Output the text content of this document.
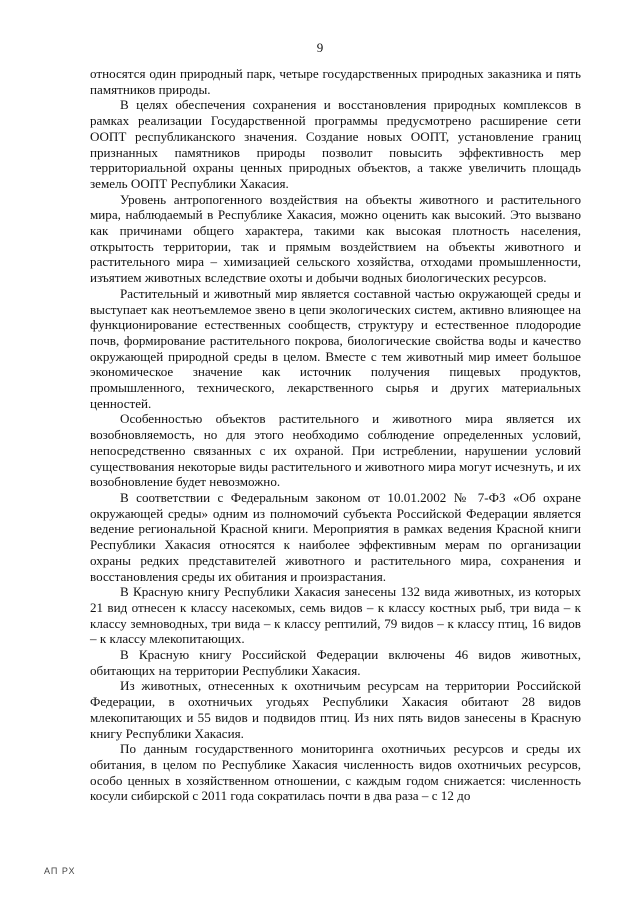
9

относятся один природный парк, четыре государственных природных заказника и пять памятников природы.

В целях обеспечения сохранения и восстановления природных комплексов в рамках реализации Государственной программы предусмотрено расширение сети ООПТ республиканского значения. Создание новых ООПТ, установление границ признанных памятников природы позволит повысить эффективность мер территориальной охраны ценных природных объектов, а также увеличить площадь земель ООПТ Республики Хакасия.

Уровень антропогенного воздействия на объекты животного и растительного мира, наблюдаемый в Республике Хакасия, можно оценить как высокий. Это вызвано как причинами общего характера, такими как высокая плотность населения, открытость территории, так и прямым воздействием на объекты животного и растительного мира – химизацией сельского хозяйства, отходами промышленности, изъятием животных вследствие охоты и добычи водных биологических ресурсов.

Растительный и животный мир является составной частью окружающей среды и выступает как неотъемлемое звено в цепи экологических систем, активно влияющее на функционирование естественных сообществ, структуру и естественное плодородие почв, формирование растительного покрова, биологические свойства воды и качество окружающей природной среды в целом. Вместе с тем животный мир имеет большое экономическое значение как источник получения пищевых продуктов, промышленного, технического, лекарственного сырья и других материальных ценностей.

Особенностью объектов растительного и животного мира является их возобновляемость, но для этого необходимо соблюдение определенных условий, непосредственно связанных с их охраной. При истреблении, нарушении условий существования некоторые виды растительного и животного мира могут исчезнуть, и их возобновление будет невозможно.

В соответствии с Федеральным законом от 10.01.2002 № 7-ФЗ «Об охране окружающей среды» одним из полномочий субъекта Российской Федерации является ведение региональной Красной книги. Мероприятия в рамках ведения Красной книги Республики Хакасия относятся к наиболее эффективным мерам по организации охраны редких представителей животного и растительного мира, сохранения и восстановления среды их обитания и произрастания.

В Красную книгу Республики Хакасия занесены 132 вида животных, из которых 21 вид отнесен к классу насекомых, семь видов – к классу костных рыб, три вида – к классу земноводных, три вида – к классу рептилий, 79 видов – к классу птиц, 16 видов – к классу млекопитающих.

В Красную книгу Российской Федерации включены 46 видов животных, обитающих на территории Республики Хакасия.

Из животных, отнесенных к охотничьим ресурсам на территории Российской Федерации, в охотничьих угодьях Республики Хакасия обитают 28 видов млекопитающих и 55 видов и подвидов птиц. Из них пять видов занесены в Красную книгу Республики Хакасия.

По данным государственного мониторинга охотничьих ресурсов и среды их обитания, в целом по Республике Хакасия численность видов охотничьих ресурсов, особо ценных в хозяйственном отношении, с каждым годом снижается: численность косули сибирской с 2011 года сократилась почти в два раза – с 12 до

АП РХ
